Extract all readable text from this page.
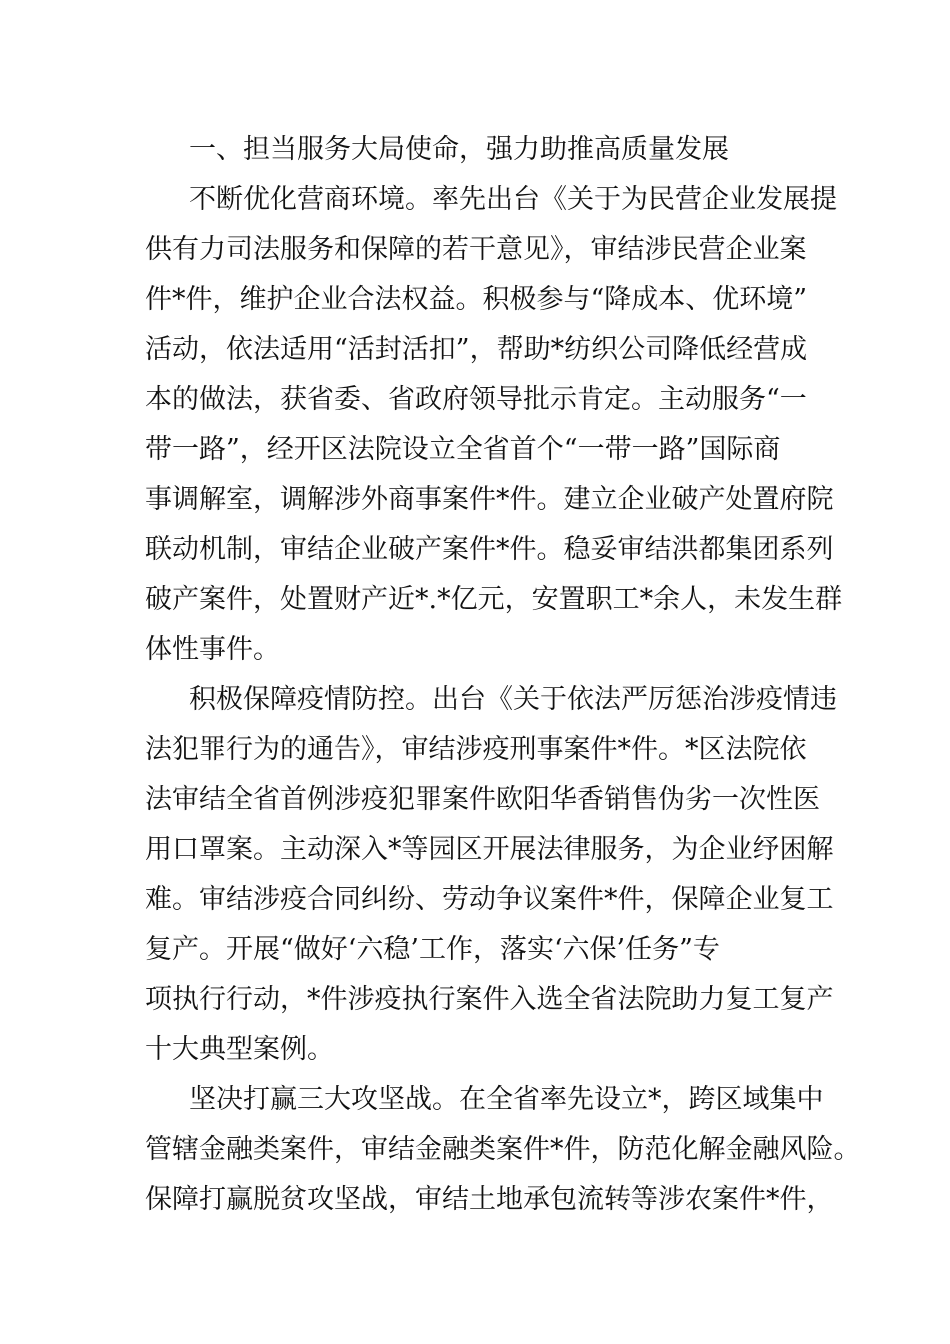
一、担当服务大局使命，强力助推高质量发展
不断优化营商环境。率先出台《关于为民营企业发展提
供有力司法服务和保障的若干意见》，审结涉民营企业案
件*件，维护企业合法权益。积极参与“降成本、优环境”
活动，依法适用“活封活扣”，帮助*纺织公司降低经营成
本的做法，获省委、省政府领导批示肯定。主动服务“一
带一路”，经开区法院设立全省首个“一带一路”国际商
事调解室，调解涉外商事案件*件。建立企业破产处置府院
联动机制，审结企业破产案件*件。稳妥审结洪都集团系列
破产案件，处置财产近*.*亿元，安置职工*余人，未发生群
体性事件。
积极保障疫情防控。出台《关于依法严厉惩治涉疫情违
法犯罪行为的通告》，审结涉疫刑事案件*件。*区法院依
法审结全省首例涉疫犯罪案件欧阳华香销售伪劣一次性医
用口罩案。主动深入*等园区开展法律服务，为企业纾困解
难。审结涉疫合同纠纷、劳动争议案件*件，保障企业复工
复产。开展“做好‘六稳’工作，落实‘六保’任务”专
项执行行动，*件涉疫执行案件入选全省法院助力复工复产
十大典型案例。
坚决打赢三大攻坚战。在全省率先设立*，跨区域集中
管辖金融类案件，审结金融类案件*件，防范化解金融风险。
保障打赢脱贫攻坚战，审结土地承包流转等涉农案件*件，
